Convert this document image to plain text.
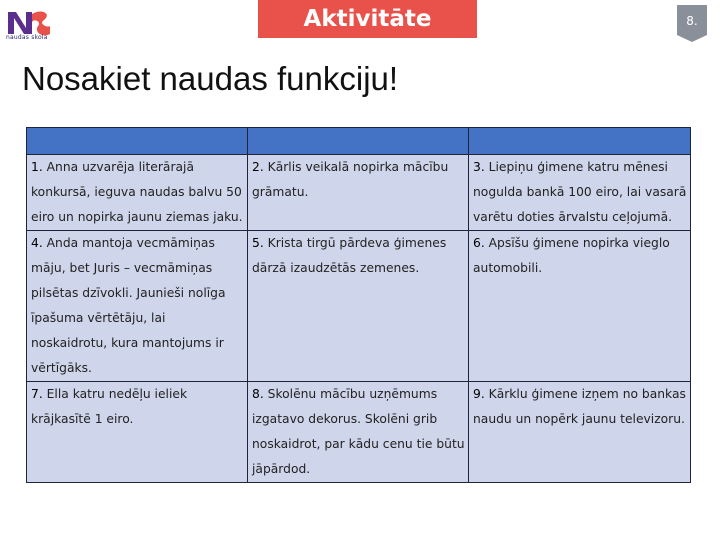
naudas skola
Aktivitāte	8.
Nosakiet naudas funkciju!

1. Anna uzvarēja literārajā konkursā, ieguva naudas balvu 50 eiro un nopirka jaunu ziemas jaku.	2. Kārlis veikalā nopirka mācību grāmatu.	3. Liepiņu ģimene katru mēnesi noguldа bankā 100 eiro, lai vasarā varētu doties ārvalstu ceļojumā.
4. Anda mantoja vecmāmiņas māju, bet Juris – vecmāmiņas pilsētas dzīvokli. Jaunieši nolīga īpašuma vērtētāju, lai noskaidrotu, kura mantojums ir vērtīgāks.	5. Krista tirgū pārdeva ģimenes dārzā izaudzētās zemenes.	6. Apsīšu ģimene nopirka vieglo automobili.
7. Ella katru nedēļu ieliek krājkasītē 1 eiro.	8. Skolēnu mācību uzņēmums izgatavo dekorus. Skolēni grib noskaidrot, par kādu cenu tie būtu jāpārdod.	9. Kārklu ģimene izņem no bankas naudu un nopērk jaunu televizoru.
